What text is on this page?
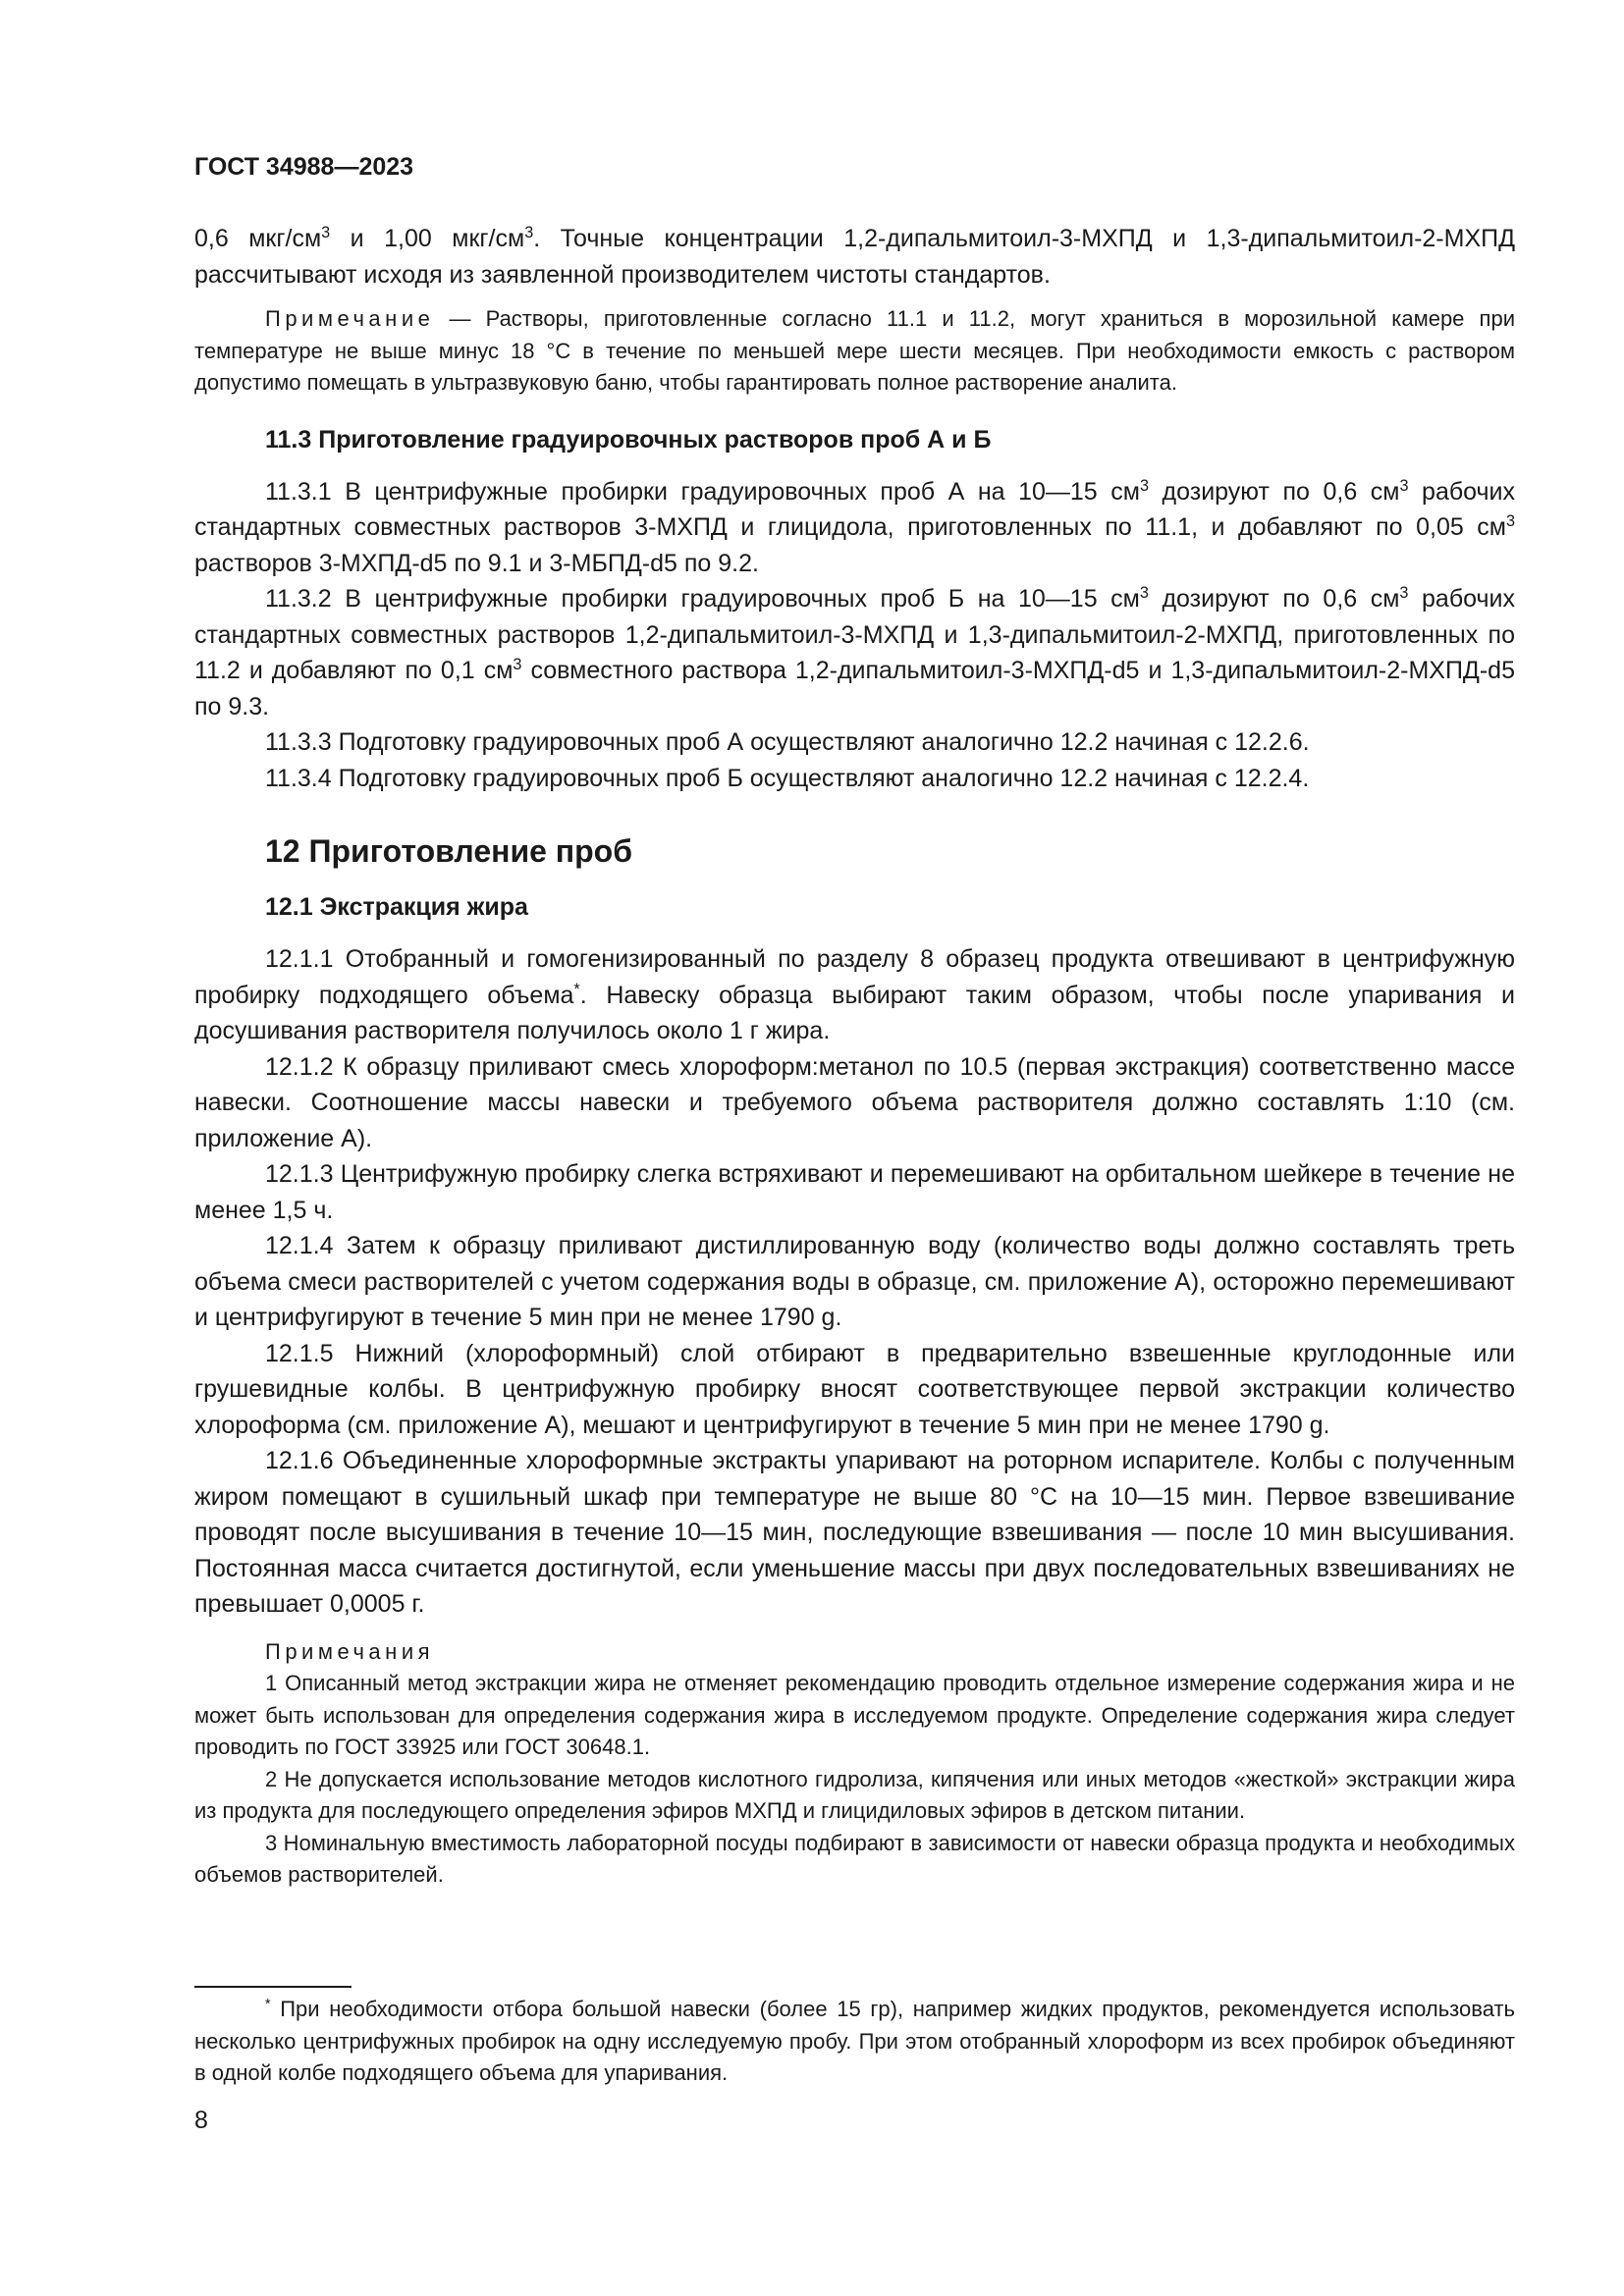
ГОСТ 34988—2023

0,6 мкг/$см^3$ и 1,00 мкг/$см^3$. Точные концентрации 1,2-дипальмитоил-3-МХПД и 1,3-дипальмитоил-2-МХПД рассчитывают исходя из заявленной производителем чистоты стандартов.

Примечание — Растворы, приготовленные согласно 11.1 и 11.2, могут храниться в морозильной камере при температуре не выше минус 18 °С в течение по меньшей мере шести месяцев. При необходимости емкость с раствором допустимо помещать в ультразвуковую баню, чтобы гарантировать полное растворение аналита.

11.3 Приготовление градуировочных растворов проб А и Б

11.3.1 В центрифужные пробирки градуировочных проб А на 10—15 $см^3$ дозируют по 0,6 $см^3$ рабочих стандартных совместных растворов 3-МХПД и глицидола, приготовленных по 11.1, и добавляют по 0,05 $см^3$ растворов 3-МХПД-d5 по 9.1 и 3-МБПД-d5 по 9.2.

11.3.2 В центрифужные пробирки градуировочных проб Б на 10—15 $см^3$ дозируют по 0,6 $см^3$ рабочих стандартных совместных растворов 1,2-дипальмитоил-3-МХПД и 1,3-дипальмитоил-2-МХПД, приготовленных по 11.2 и добавляют по 0,1 $см^3$ совместного раствора 1,2-дипальмитоил-3-МХПД-d5 и 1,3-дипальмитоил-2-МХПД-d5 по 9.3.

11.3.3 Подготовку градуировочных проб А осуществляют аналогично 12.2 начиная с 12.2.6.

11.3.4 Подготовку градуировочных проб Б осуществляют аналогично 12.2 начиная с 12.2.4.

12 Приготовление проб

12.1 Экстракция жира

12.1.1 Отобранный и гомогенизированный по разделу 8 образец продукта отвешивают в центрифужную пробирку подходящего объема*. Навеску образца выбирают таким образом, чтобы после упаривания и досушивания растворителя получилось около 1 г жира.

12.1.2 К образцу приливают смесь хлороформ:метанол по 10.5 (первая экстракция) соответственно массе навески. Соотношение массы навески и требуемого объема растворителя должно составлять 1:10 (см. приложение А).

12.1.3 Центрифужную пробирку слегка встряхивают и перемешивают на орбитальном шейкере в течение не менее 1,5 ч.

12.1.4 Затем к образцу приливают дистиллированную воду (количество воды должно составлять треть объема смеси растворителей с учетом содержания воды в образце, см. приложение А), осторожно перемешивают и центрифугируют в течение 5 мин при не менее 1790 g.

12.1.5 Нижний (хлороформный) слой отбирают в предварительно взвешенные круглодонные или грушевидные колбы. В центрифужную пробирку вносят соответствующее первой экстракции количество хлороформа (см. приложение А), мешают и центрифугируют в течение 5 мин при не менее 1790 g.

12.1.6 Объединенные хлороформные экстракты упаривают на роторном испарителе. Колбы с полученным жиром помещают в сушильный шкаф при температуре не выше 80 °С на 10—15 мин. Первое взвешивание проводят после высушивания в течение 10—15 мин, последующие взвешивания — после 10 мин высушивания. Постоянная масса считается достигнутой, если уменьшение массы при двух последовательных взвешиваниях не превышает 0,0005 г.

Примечания

1 Описанный метод экстракции жира не отменяет рекомендацию проводить отдельное измерение содержания жира и не может быть использован для определения содержания жира в исследуемом продукте. Определение содержания жира следует проводить по ГОСТ 33925 или ГОСТ 30648.1.

2 Не допускается использование методов кислотного гидролиза, кипячения или иных методов «жесткой» экстракции жира из продукта для последующего определения эфиров МХПД и глицидиловых эфиров в детском питании.

3 Номинальную вместимость лабораторной посуды подбирают в зависимости от навески образца продукта и необходимых объемов растворителей.

* При необходимости отбора большой навески (более 15 гр), например жидких продуктов, рекомендуется использовать несколько центрифужных пробирок на одну исследуемую пробу. При этом отобранный хлороформ из всех пробирок объединяют в одной колбе подходящего объема для упаривания.

8
